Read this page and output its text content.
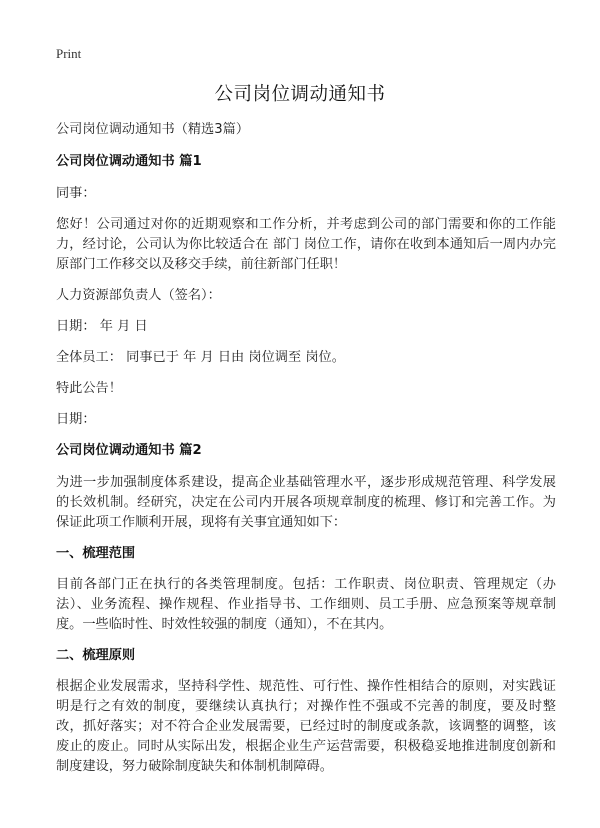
Print
公司岗位调动通知书

公司岗位调动通知书（精选3篇）

公司岗位调动通知书 篇1

同事：

您好！公司通过对你的近期观察和工作分析，并考虑到公司的部门需要和你的工作能力，经讨论，公司认为你比较适合在 部门 岗位工作，请你在收到本通知后一周内办完原部门工作移交以及移交手续，前往新部门任职！

人力资源部负责人（签名）：

日期： 年 月 日

全体员工： 同事已于 年 月 日由 岗位调至 岗位。

特此公告！

日期：

公司岗位调动通知书 篇2

为进一步加强制度体系建设，提高企业基础管理水平，逐步形成规范管理、科学发展的长效机制。经研究，决定在公司内开展各项规章制度的梳理、修订和完善工作。为保证此项工作顺利开展，现将有关事宜通知如下：

一、梳理范围

目前各部门正在执行的各类管理制度。包括：工作职责、岗位职责、管理规定（办法）、业务流程、操作规程、作业指导书、工作细则、员工手册、应急预案等规章制度。一些临时性、时效性较强的制度（通知），不在其内。

二、梳理原则

根据企业发展需求，坚持科学性、规范性、可行性、操作性相结合的原则，对实践证明是行之有效的制度，要继续认真执行；对操作性不强或不完善的制度，要及时整改，抓好落实；对不符合企业发展需要，已经过时的制度或条款，该调整的调整，该废止的废止。同时从实际出发，根据企业生产运营需要，积极稳妥地推进制度创新和制度建设，努力破除制度缺失和体制机制障碍。
